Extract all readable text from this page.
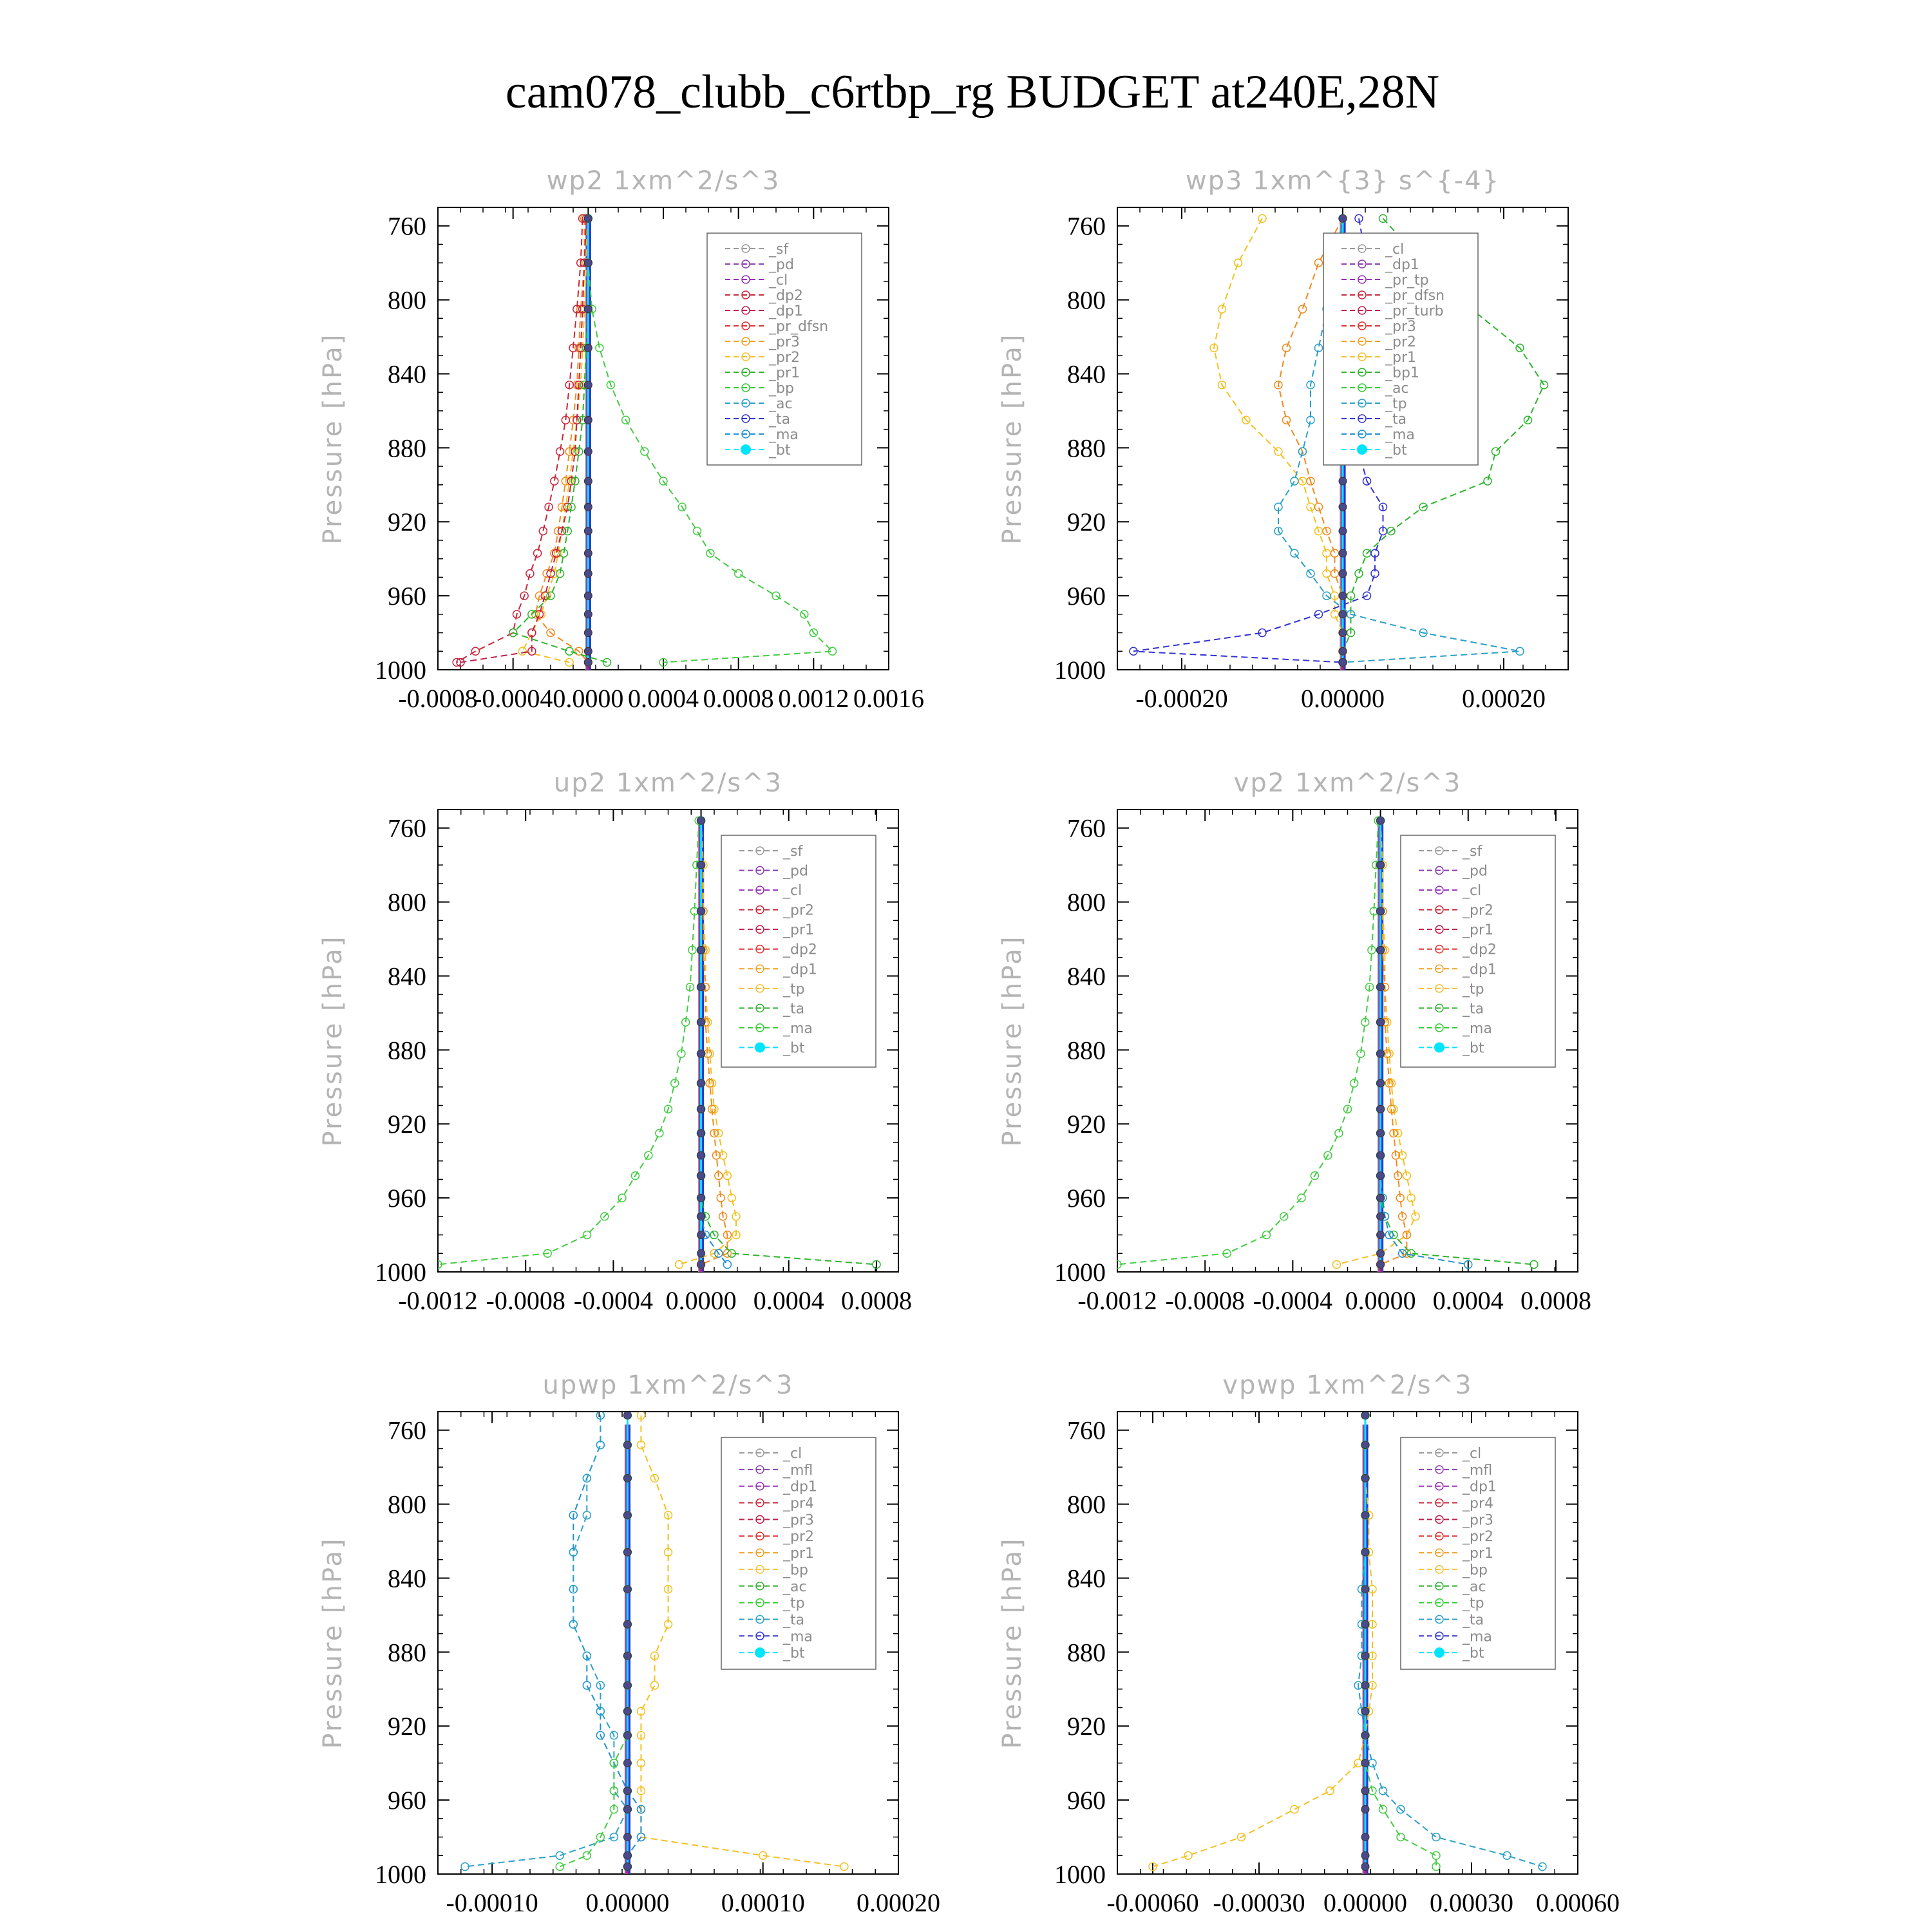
cam078_clubb_c6rtbp_rg BUDGET at240E,28N
wp2 1xm^2/s^3
Pressure [hPa]
760
800
840
880
920
960
1000
-0.0008
-0.0004 0.0000 0.0004 0.0008 0.0012 0.0016
_sf
_pd
_cl
_dp2
_dp1
_pr_dfsn
_pr3
_pr2
_pr1
_bp
_ac
_ta
_ma
_bt
wp3 1xm^{3} s^{-4}
Pressure [hPa]
760
800
840
880
920
960
1000
-0.00020	0.00000	0.00020
_cl
_dp1
_pr_tp
_pr_dfsn
_pr_turb
_pr3
_pr2
_pr1
_bp1
_ac
_tp
_ta
_ma
_bt
up2 1xm^2/s^3
Pressure [hPa]
760
800
840
880
920
960
1000
-0.0012 -0.0008 -0.0004 0.0000 0.0004 0.0008
_sf
_pd
_cl
_pr2
_pr1
_dp2
_dp1
_tp
_ta
_ma
_bt
vp2 1xm^2/s^3
Pressure [hPa]
760
800
840
880
920
960
1000
-0.0012 -0.0008 -0.0004 0.0000 0.0004 0.0008
_sf
_pd
_cl
_pr2
_pr1
_dp2
_dp1
_tp
_ta
_ma
_bt
upwp 1xm^2/s^3
Pressure [hPa]
760
800
840
880
920
960
1000
-0.00010 0.00000 0.00010 0.00020
_cl
_mfl
_dp1
_pr4
_pr3
_pr2
_pr1
_bp
_ac
_tp
_ta
_ma
_bt
vpwp 1xm^2/s^3
Pressure [hPa]
760
800
840
880
920
960
1000
-0.00060 -0.00030 0.00000 0.00030 0.00060
_cl
_mfl
_dp1
_pr4
_pr3
_pr2
_pr1
_bp
_ac
_tp
_ta
_ma
_bt
